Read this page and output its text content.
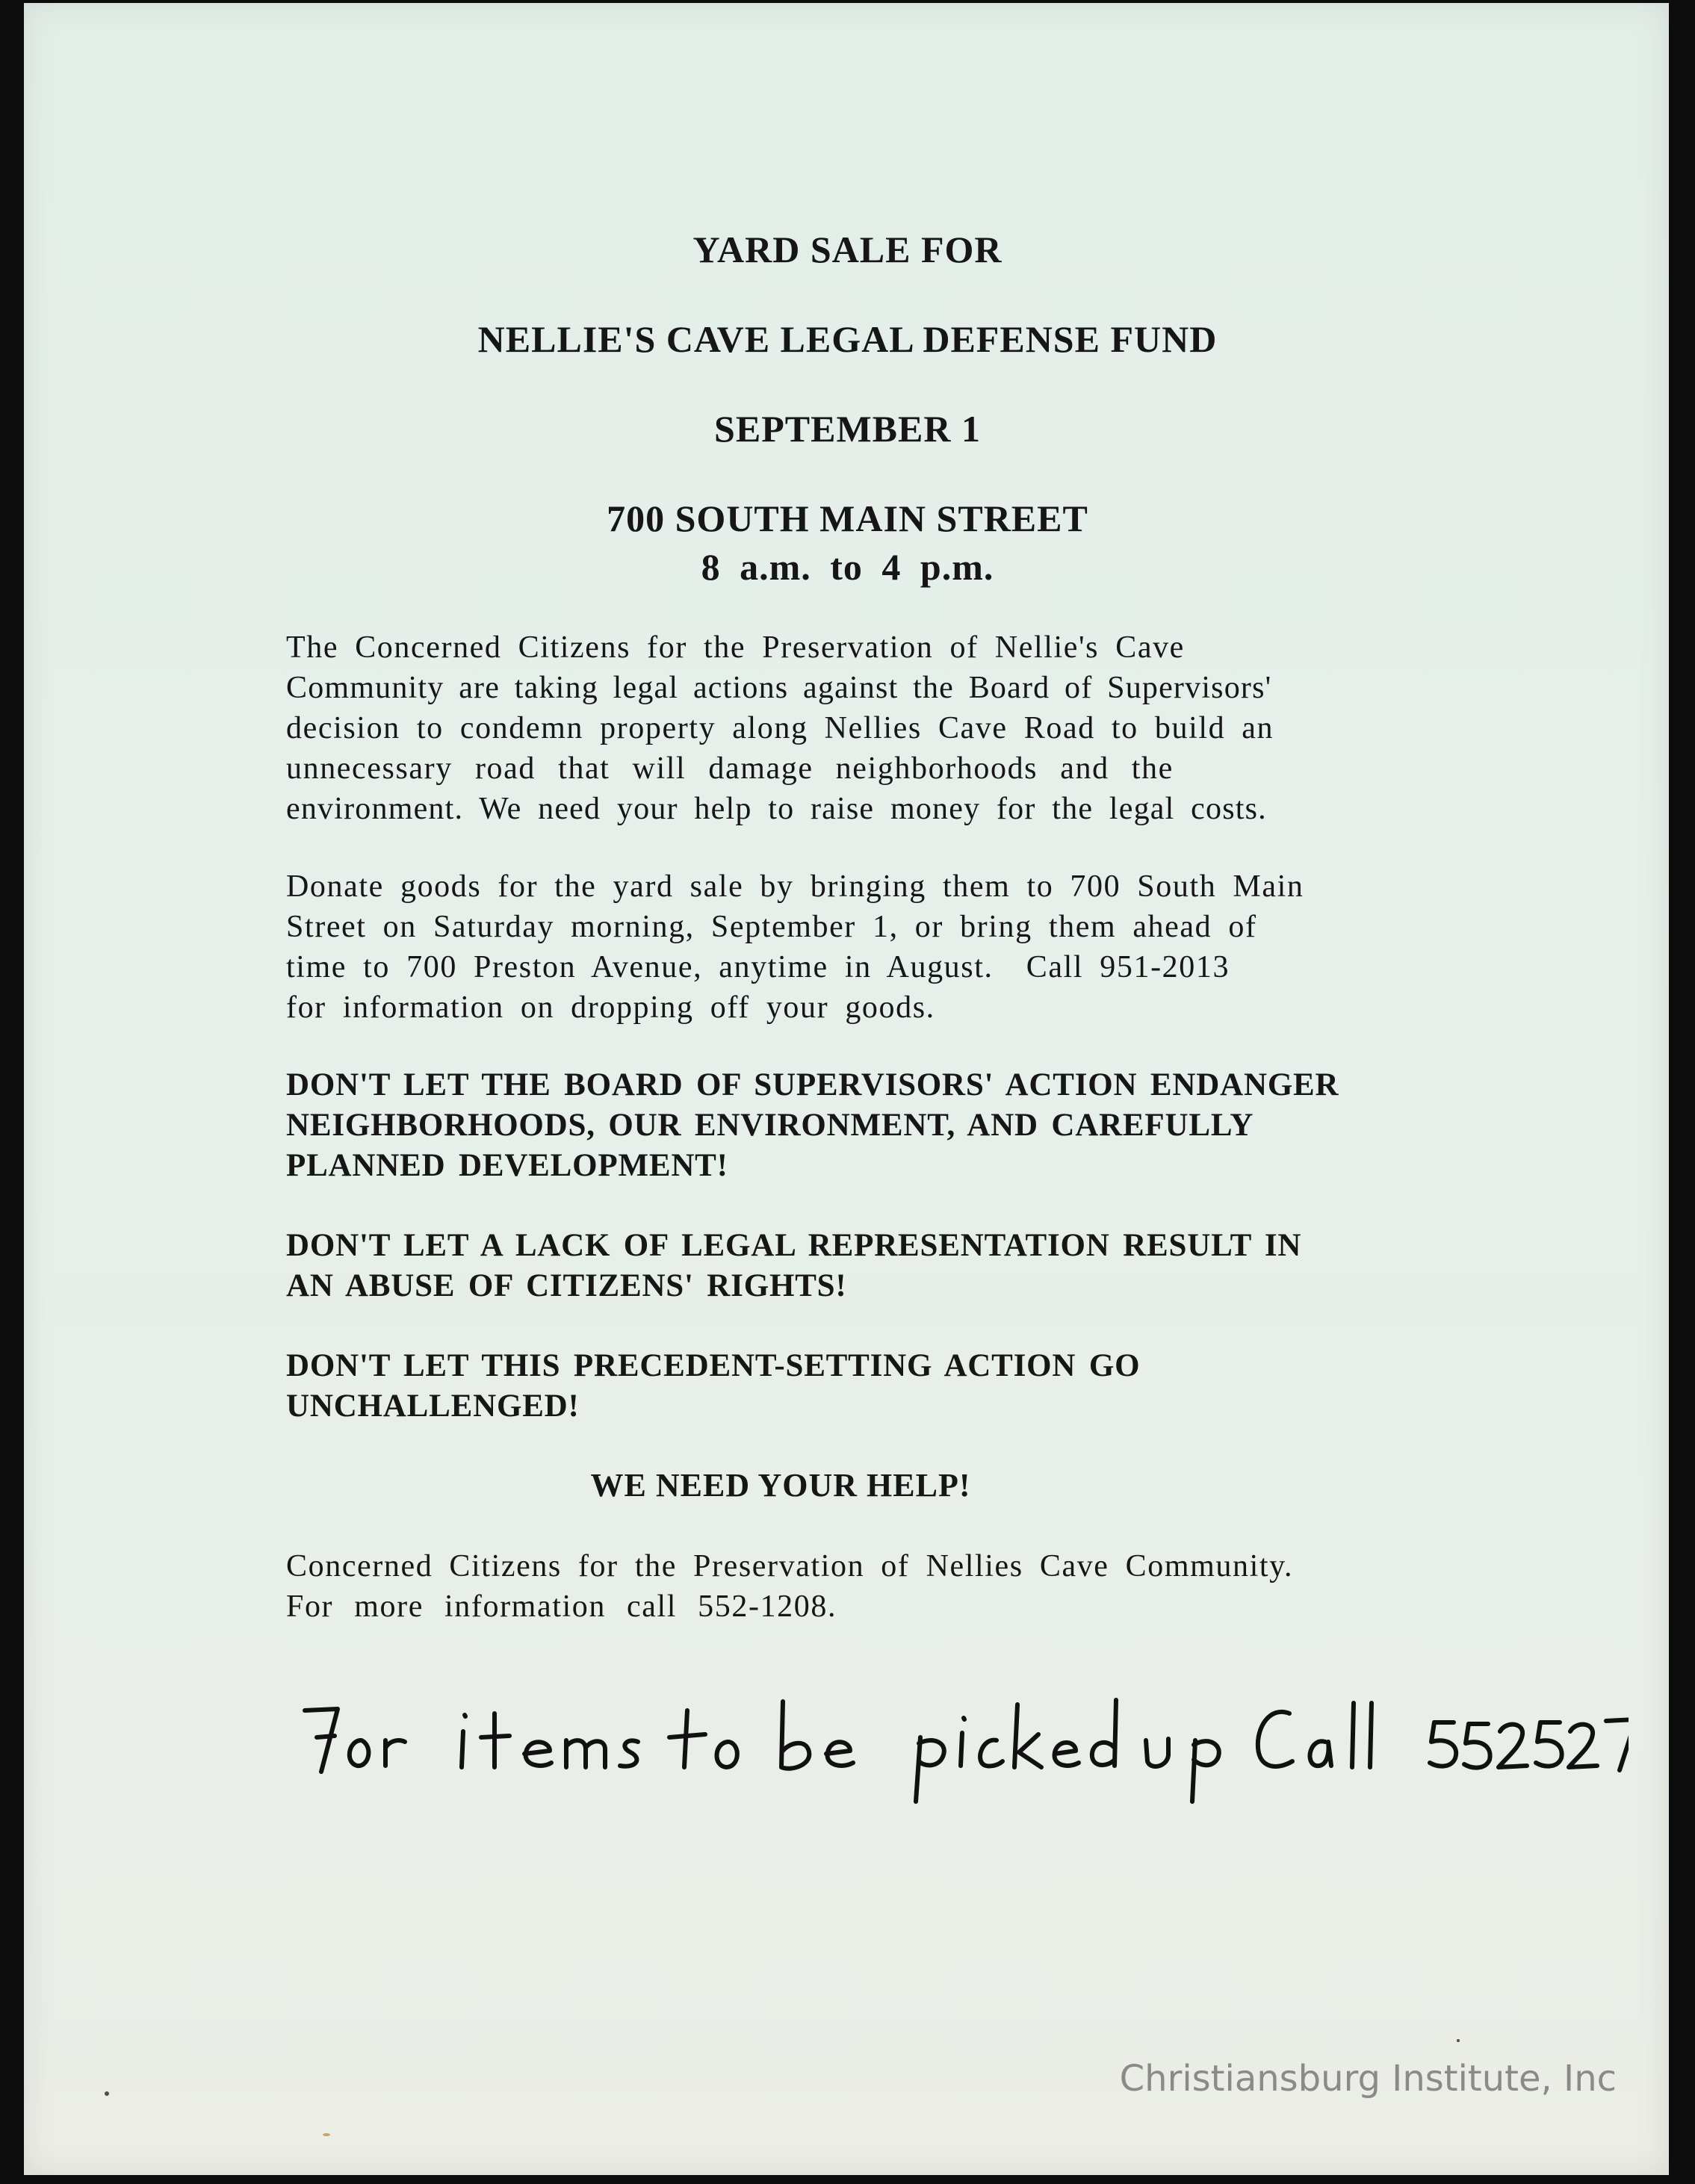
YARD SALE FOR
NELLIE'S CAVE LEGAL DEFENSE FUND
SEPTEMBER 1
700 SOUTH MAIN STREET
8 a.m. to 4 p.m.
The Concerned Citizens for the Preservation of Nellie's Cave
Community are taking legal actions against the Board of Supervisors'
decision to condemn property along Nellies Cave Road to build an
unnecessary road that will damage neighborhoods and the
environment. We need your help to raise money for the legal costs.
Donate goods for the yard sale by bringing them to 700 South Main
Street on Saturday morning, September 1, or bring them ahead of
time to 700 Preston Avenue, anytime in August.  Call 951-2013
for information on dropping off your goods.
DON'T LET THE BOARD OF SUPERVISORS' ACTION ENDANGER
NEIGHBORHOODS, OUR ENVIRONMENT, AND CAREFULLY
PLANNED DEVELOPMENT!
DON'T LET A LACK OF LEGAL REPRESENTATION RESULT IN
AN ABUSE OF CITIZENS' RIGHTS!
DON'T LET THIS PRECEDENT-SETTING ACTION GO
UNCHALLENGED!
WE NEED YOUR HELP!
Concerned Citizens for the Preservation of Nellies Cave Community.
For more information call 552-1208.

Christiansburg Institute, Inc
